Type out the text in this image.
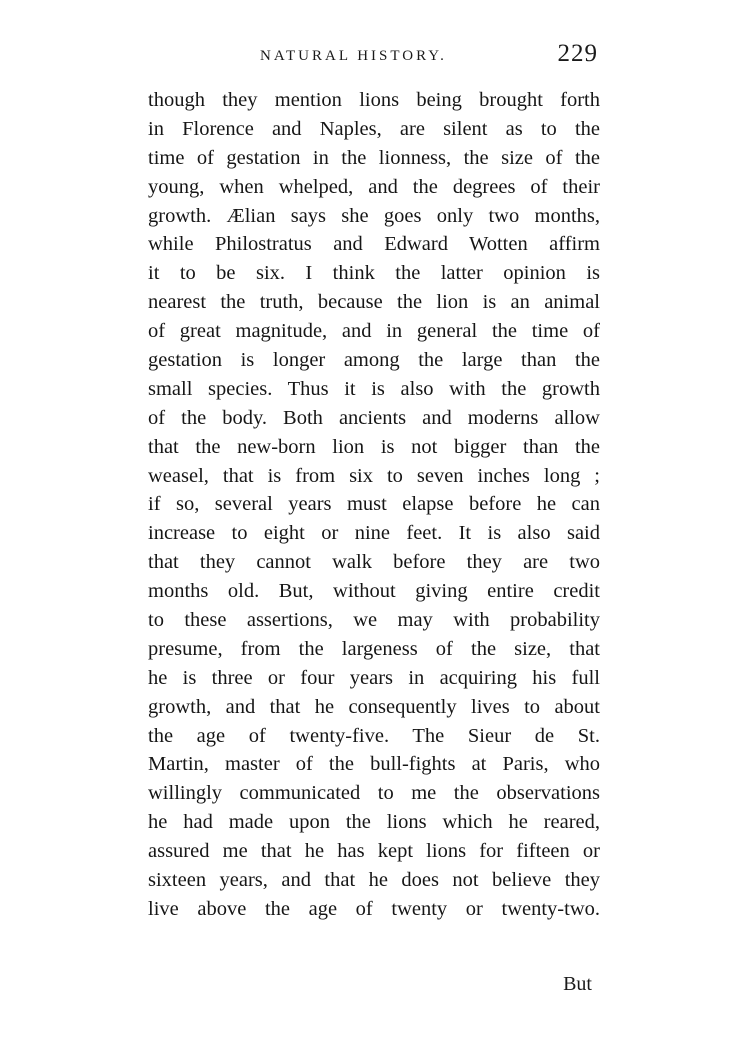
NATURAL HISTORY.	229
though they mention lions being brought forth
in Florence and Naples, are silent as to the
time of gestation in the lionness, the size of the
young, when whelped, and the degrees of their
growth. Ælian says she goes only two months,
while Philostratus and Edward Wotten affirm
it to be six. I think the latter opinion is
nearest the truth, because the lion is an animal
of great magnitude, and in general the time of
gestation is longer among the large than the
small species. Thus it is also with the growth
of the body. Both ancients and moderns allow
that the new-born lion is not bigger than the
weasel, that is from six to seven inches long ;
if so, several years must elapse before he can
increase to eight or nine feet. It is also said
that they cannot walk before they are two
months old. But, without giving entire credit
to these assertions, we may with probability
presume, from the largeness of the size, that
he is three or four years in acquiring his full
growth, and that he consequently lives to about
the age of twenty-five. The Sieur de St.
Martin, master of the bull-fights at Paris, who
willingly communicated to me the observations
he had made upon the lions which he reared,
assured me that he has kept lions for fifteen or
sixteen years, and that he does not believe they
live above the age of twenty or twenty-two.
But
